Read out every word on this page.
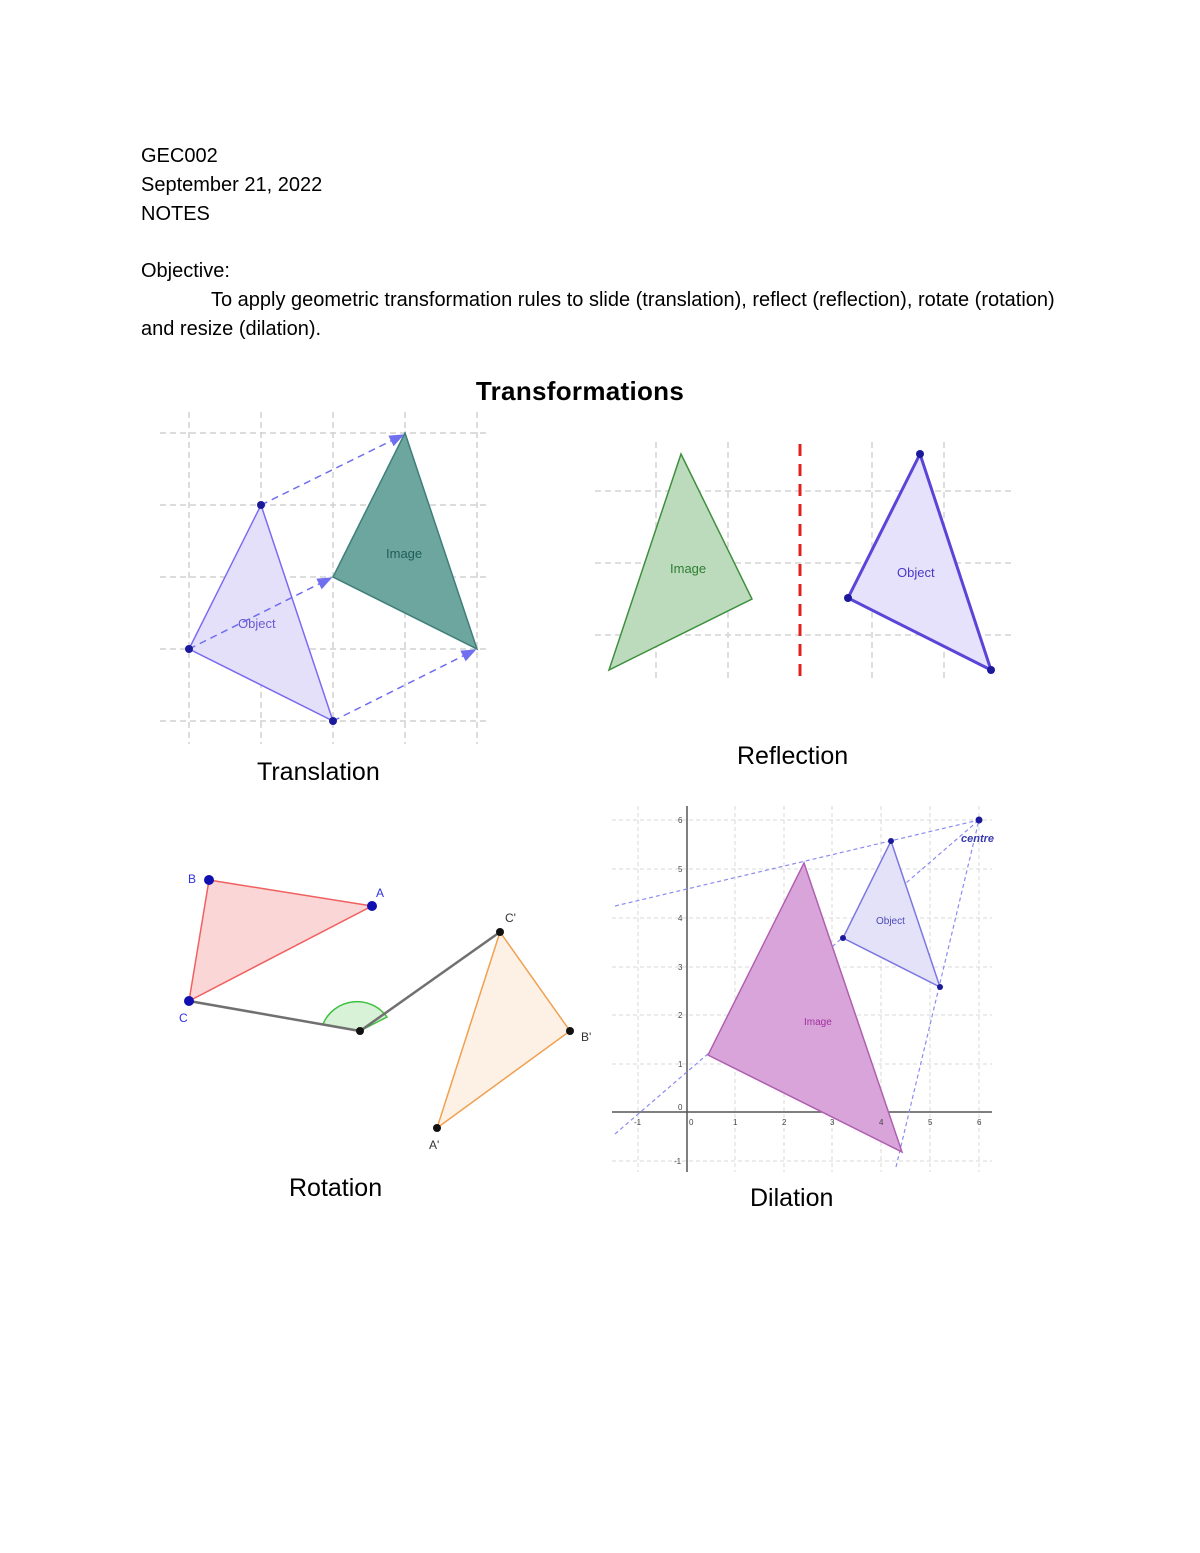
GEC002
September 21, 2022
NOTES
Objective:
To apply geometric transformation rules to slide (translation), reflect (reflection), rotate (rotation) and resize (dilation).
Object
Image
Image	Object
A
B
C
A'
B'
C'
centre
Object
Image
-1	0	1	2	3	4	5	6
-1
0
1
2
3
4
5
6
Transformations
Translation
Reflection
Rotation	Dilation
